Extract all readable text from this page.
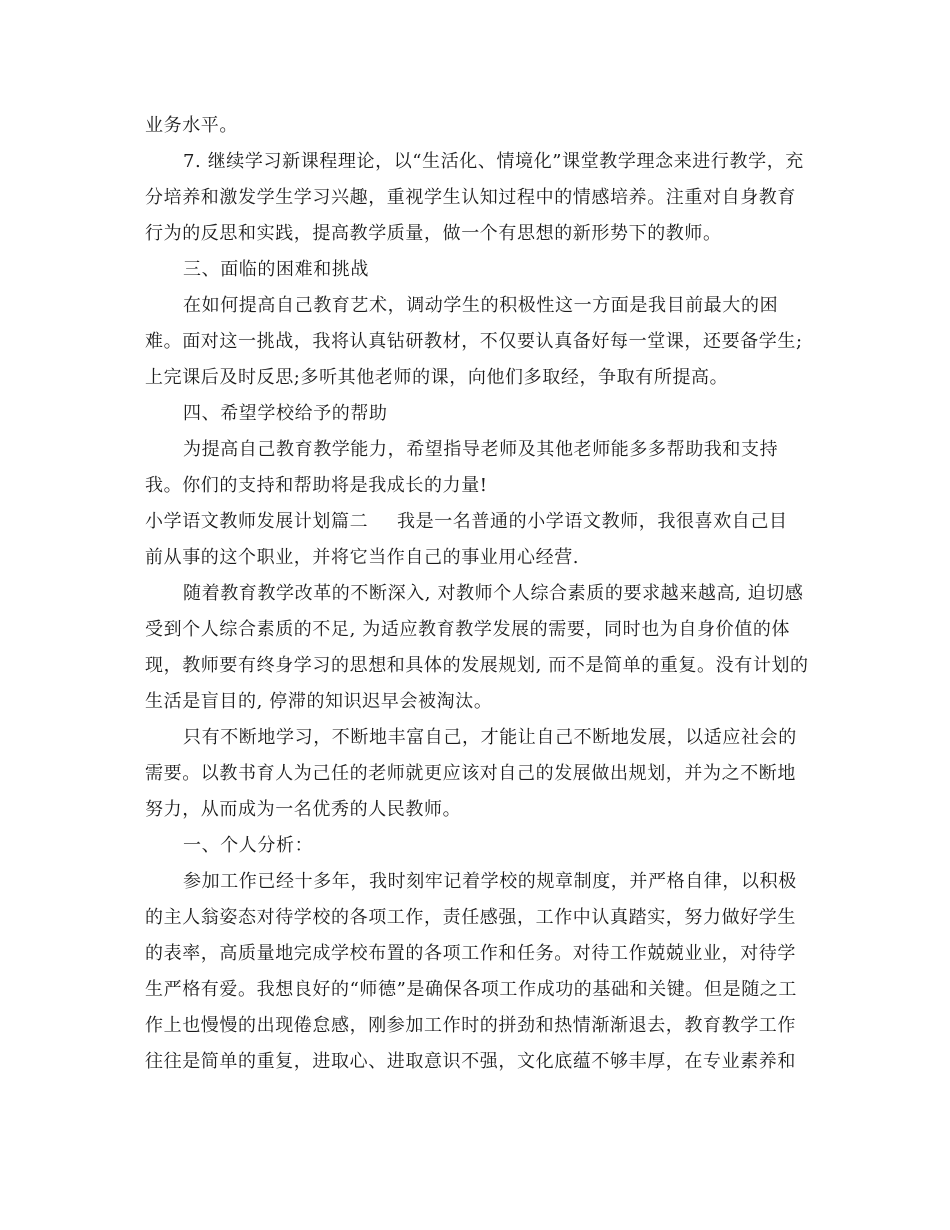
业务水平。
7. 继续学习新课程理论，以“生活化、情境化”课堂教学理念来进行教学，充
分培养和激发学生学习兴趣，重视学生认知过程中的情感培养。注重对自身教育
行为的反思和实践，提高教学质量，做一个有思想的新形势下的教师。
三、面临的困难和挑战
在如何提高自己教育艺术，调动学生的积极性这一方面是我目前最大的困
难。面对这一挑战，我将认真钻研教材，不仅要认真备好每一堂课，还要备学生;
上完课后及时反思;多听其他老师的课，向他们多取经，争取有所提高。
四、希望学校给予的帮助
为提高自己教育教学能力，希望指导老师及其他老师能多多帮助我和支持
我。你们的支持和帮助将是我成长的力量!
小学语文教师发展计划篇二 我是一名普通的小学语文教师，我很喜欢自己目
前从事的这个职业，并将它当作自己的事业用心经营.
随着教育教学改革的不断深入, 对教师个人综合素质的要求越来越高, 迫切感
受到个人综合素质的不足, 为适应教育教学发展的需要，同时也为自身价值的体
现，教师要有终身学习的思想和具体的发展规划, 而不是简单的重复。没有计划的
生活是盲目的, 停滞的知识迟早会被淘汰。
只有不断地学习，不断地丰富自己，才能让自己不断地发展，以适应社会的
需要。以教书育人为己任的老师就更应该对自己的发展做出规划，并为之不断地
努力，从而成为一名优秀的人民教师。
一、个人分析：
参加工作已经十多年，我时刻牢记着学校的规章制度，并严格自律，以积极
的主人翁姿态对待学校的各项工作，责任感强，工作中认真踏实，努力做好学生
的表率，高质量地完成学校布置的各项工作和任务。对待工作兢兢业业，对待学
生严格有爱。我想良好的“师德”是确保各项工作成功的基础和关键。但是随之工
作上也慢慢的出现倦怠感，刚参加工作时的拼劲和热情渐渐退去，教育教学工作
往往是简单的重复，进取心、进取意识不强，文化底蕴不够丰厚，在专业素养和
